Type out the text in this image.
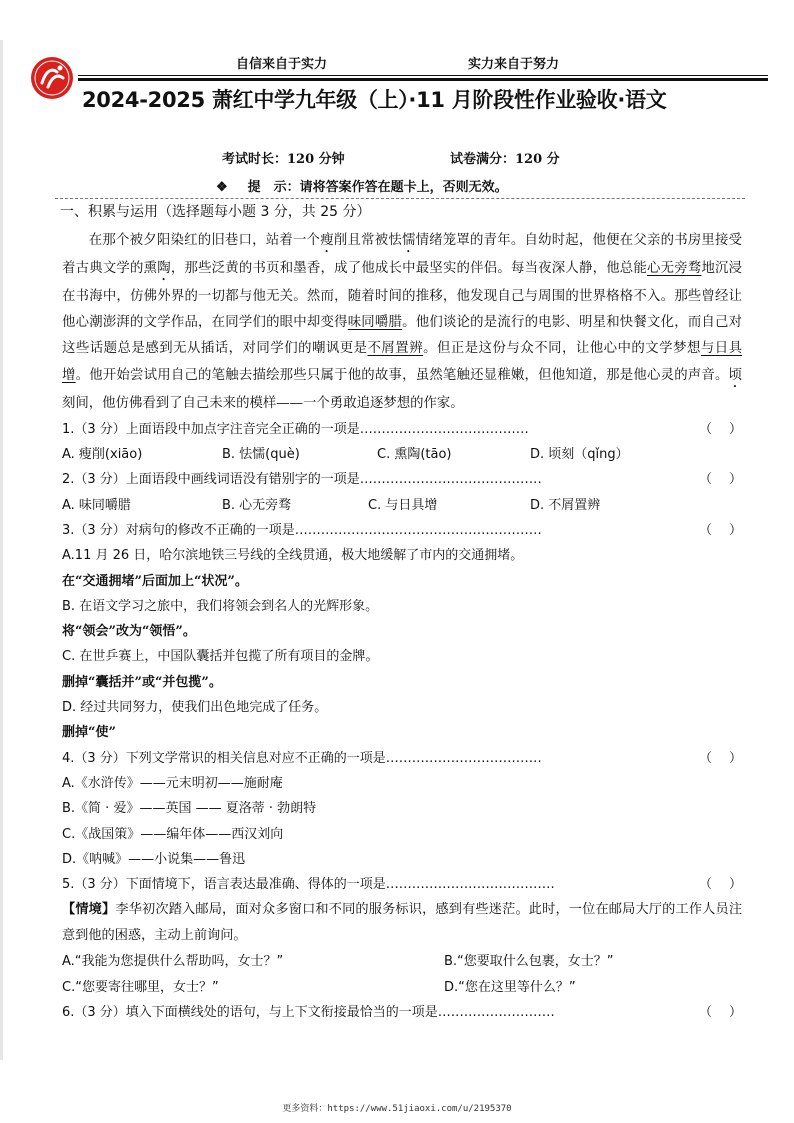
自信来自于实力	实力来自于努力
2024-2025 萧红中学九年级（上）·11 月阶段性作业验收·语文
考试时长：120 分钟	试卷满分：120 分
❖ 提　示：请将答案作答在题卡上，否则无效。
一、积累与运用（选择题每小题 3 分，共 25 分）

在那个被夕阳染红的旧巷口，站着一个瘦削且常被怯懦情绪笼罩的青年。自幼时起，他便在父亲的书房里接受着古典文学的熏陶，那些泛黄的书页和墨香，成了他成长中最坚实的伴侣。每当夜深人静，他总能心无旁骛地沉浸在书海中，仿佛外界的一切都与他无关。然而，随着时间的推移，他发现自己与周围的世界格格不入。那些曾经让他心潮澎湃的文学作品，在同学们的眼中却变得味同嚼腊。他们谈论的是流行的电影、明星和快餐文化，而自己对这些话题总是感到无从插话，对同学们的嘲讽更是不屑置辨。但正是这份与众不同，让他心中的文学梦想与日具增。他开始尝试用自己的笔触去描绘那些只属于他的故事，虽然笔触还显稚嫩，但他知道，那是他心灵的声音。顷刻间，他仿佛看到了自己未来的模样——一个勇敢追逐梦想的作家。

1.（3 分）上面语段中加点字注音完全正确的一项是…………………………………	（ ）
A. 瘦削(xiāo)	B. 怯懦(què)	C. 熏陶(tāo)	D. 顷刻（qǐng）
2.（3 分）上面语段中画线词语没有错别字的一项是……………………………………	（ ）
A. 味同嚼腊	B. 心无旁骛	C. 与日具增	D. 不屑置辨
3.（3 分）对病句的修改不正确的一项是…………………………………………………	（ ）
A.11 月 26 日，哈尔滨地铁三号线的全线贯通，极大地缓解了市内的交通拥堵。
在“交通拥堵”后面加上“状况”。
B. 在语文学习之旅中，我们将领会到名人的光辉形象。
将“领会”改为“领悟”。
C. 在世乒赛上，中国队囊括并包揽了所有项目的金牌。
删掉“囊括并”或“并包揽”。
D. 经过共同努力，使我们出色地完成了任务。
删掉“使”
4.（3 分）下列文学常识的相关信息对应不正确的一项是………………………………	（ ）
A.《水浒传》——元末明初——施耐庵
B.《简 · 爱》——英国 —— 夏洛蒂 · 勃朗特
C.《战国策》——编年体——西汉刘向
D.《呐喊》——小说集——鲁迅
5.（3 分）下面情境下，语言表达最准确、得体的一项是…………………………………	（ ）

【情境】李华初次踏入邮局，面对众多窗口和不同的服务标识，感到有些迷茫。此时，一位在邮局大厅的工作人员注意到他的困惑，主动上前询问。

A.“我能为您提供什么帮助吗，女士？”	B.“您要取什么包裹，女士？”
C.“您要寄往哪里，女士？”	D.“您在这里等什么？”
6.（3 分）填入下面横线处的语句，与上下文衔接最恰当的一项是………………………	（ ）
更多资料：https://www.51jiaoxi.com/u/2195370
